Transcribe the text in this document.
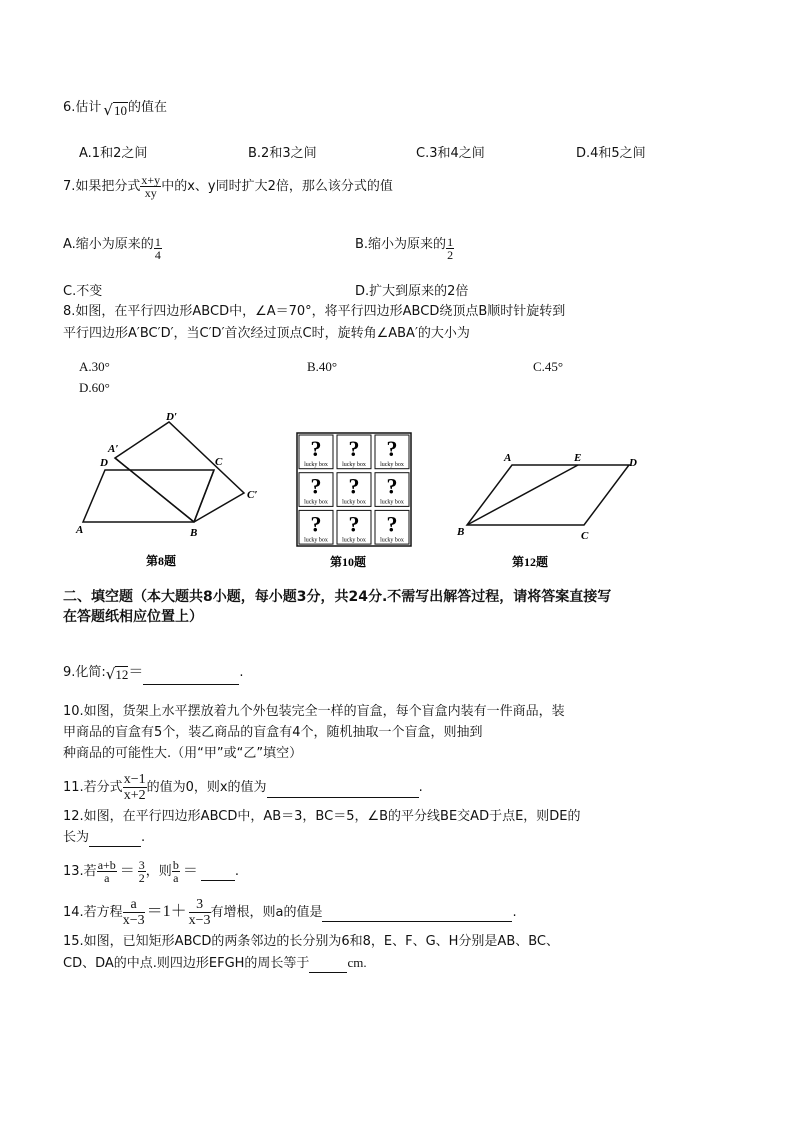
6.估计 √10的值在
A.1和2之间	B.2和3之间	C.3和4之间	D.4和5之间
7.如果把分式 $\frac{x+y}{xy}$ 中的x、y同时扩大2倍，那么该分式的值
A.缩小为原来的 $\frac{1}{4}$	B.缩小为原来的 $\frac{1}{2}$
C.不变	D.扩大到原来的2倍
8.如图，在平行四边形ABCD中，∠A＝70°，将平行四边形ABCD绕顶点B顺时针旋转到
平行四边形A′BC′D′，当C′D′首次经过顶点C时，旋转角∠ABA′的大小为
A.30°	B.40°	C.45°
D.60°
D′
A′
D	C
C′
A	B
第8题
?
lucky box
?
lucky box
?
lucky box
?
lucky box
?
lucky box
?
lucky box
?
lucky box
?
lucky box
?
lucky box
第10题
A	E	D
B	C
第12题
二、填空题（本大题共8小题，每小题3分，共24分.不需写出解答过程，请将答案直接写
在答题纸相应位置上）
9.化简:√12＝	.
10.如图，货架上水平摆放着九个外包装完全一样的盲盒，每个盲盒内装有一件商品，装
甲商品的盲盒有5个，装乙商品的盲盒有4个，随机抽取一个盲盒，则抽到
种商品的可能性大.（用“甲”或“乙”填空）
11.若分式 $\frac{x-1}{x+2}$ 的值为0，则x的值为	.
12.如图，在平行四边形ABCD中，AB＝3，BC＝5，∠B的平分线BE交AD于点E，则DE的
长为	.
13.若 $\frac{a+b}{a} = \frac{3}{2}$ ，则 $\frac{b}{a}$ ＝	.
14.若方程 $\frac{a}{x-3} =1+ \frac{3}{x-3}$ 有增根，则a的值是	.
15.如图，已知矩形ABCD的两条邻边的长分别为6和8，E、F、G、H分别是AB、BC、
CD、DA的中点.则四边形EFGH的周长等于	cm.
